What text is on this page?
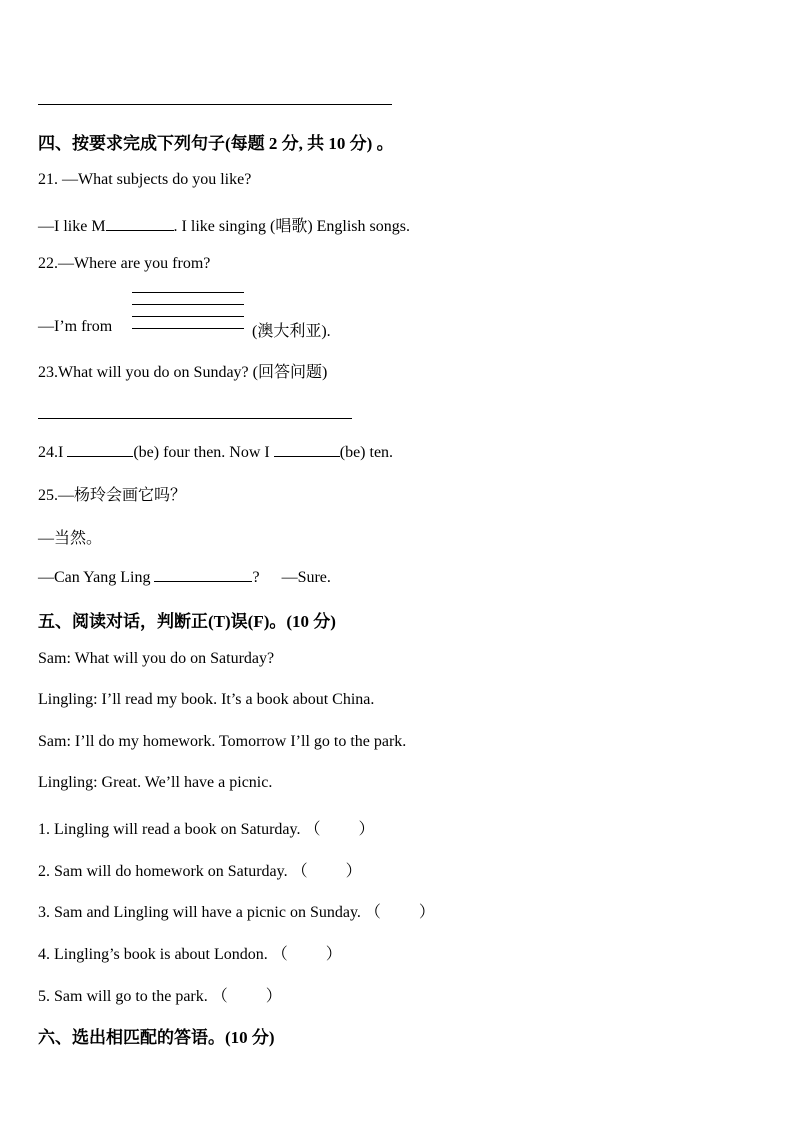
四、按要求完成下列句子(每题 2 分, 共 10 分) 。
21. —What subjects do you like?
—I like M	. I like singing (唱歌) English songs.
22.—Where are you from?
—I’m from	(澳大利亚).
23.What will you do on Sunday? (回答问题)
24.I	(be) four then. Now I	(be) ten.
25.—杨玲会画它吗？
—当然。
—Can Yang Ling	? —Sure.
五、阅读对话，判断正(T)误(F)。(10 分)
Sam: What will you do on Saturday?
Lingling: I’ll read my book. It’s a book about China.
Sam: I’ll do my homework. Tomorrow I’ll go to the park.
Lingling: Great. We’ll have a picnic.
1. Lingling will read a book on Saturday. （ ）
2. Sam will do homework on Saturday. （ ）
3. Sam and Lingling will have a picnic on Sunday. （ ）
4. Lingling’s book is about London. （ ）
5. Sam will go to the park. （ ）
六、选出相匹配的答语。(10 分)
